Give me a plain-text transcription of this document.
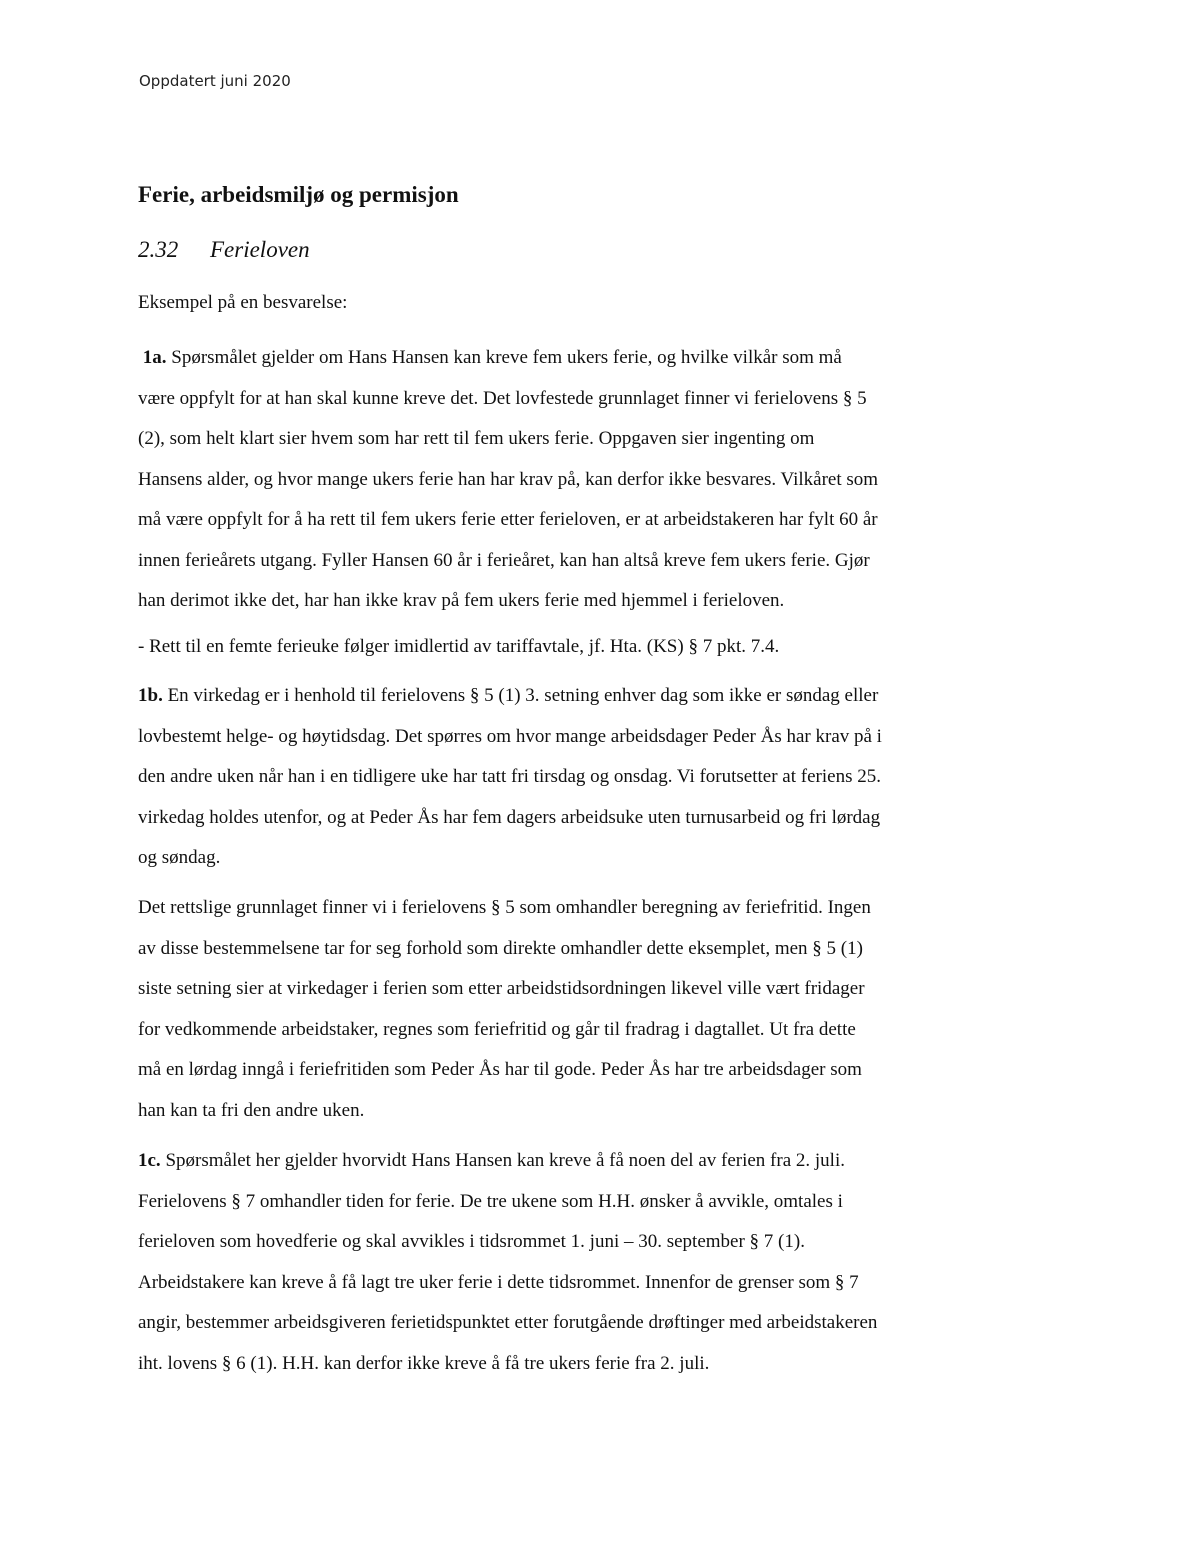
Oppdatert juni 2020
Ferie, arbeidsmiljø og permisjon
2.32 Ferieloven

Eksempel på en besvarelse:

1a. Spørsmålet gjelder om Hans Hansen kan kreve fem ukers ferie, og hvilke vilkår som må
være oppfylt for at han skal kunne kreve det. Det lovfestede grunnlaget finner vi ferielovens § 5
(2), som helt klart sier hvem som har rett til fem ukers ferie. Oppgaven sier ingenting om
Hansens alder, og hvor mange ukers ferie han har krav på, kan derfor ikke besvares. Vilkåret som
må være oppfylt for å ha rett til fem ukers ferie etter ferieloven, er at arbeidstakeren har fylt 60 år
innen ferieårets utgang. Fyller Hansen 60 år i ferieåret, kan han altså kreve fem ukers ferie. Gjør
han derimot ikke det, har han ikke krav på fem ukers ferie med hjemmel i ferieloven.
- Rett til en femte ferieuke følger imidlertid av tariffavtale, jf. Hta. (KS) § 7 pkt. 7.4.
1b. En virkedag er i henhold til ferielovens § 5 (1) 3. setning enhver dag som ikke er søndag eller
lovbestemt helge- og høytidsdag. Det spørres om hvor mange arbeidsdager Peder Ås har krav på i
den andre uken når han i en tidligere uke har tatt fri tirsdag og onsdag. Vi forutsetter at feriens 25.
virkedag holdes utenfor, og at Peder Ås har fem dagers arbeidsuke uten turnusarbeid og fri lørdag
og søndag.
Det rettslige grunnlaget finner vi i ferielovens § 5 som omhandler beregning av feriefritid. Ingen
av disse bestemmelsene tar for seg forhold som direkte omhandler dette eksemplet, men § 5 (1)
siste setning sier at virkedager i ferien som etter arbeidstidsordningen likevel ville vært fridager
for vedkommende arbeidstaker, regnes som feriefritid og går til fradrag i dagtallet. Ut fra dette
må en lørdag inngå i feriefritiden som Peder Ås har til gode. Peder Ås har tre arbeidsdager som
han kan ta fri den andre uken.
1c. Spørsmålet her gjelder hvorvidt Hans Hansen kan kreve å få noen del av ferien fra 2. juli.
Ferielovens § 7 omhandler tiden for ferie. De tre ukene som H.H. ønsker å avvikle, omtales i
ferieloven som hovedferie og skal avvikles i tidsrommet 1. juni – 30. september § 7 (1).
Arbeidstakere kan kreve å få lagt tre uker ferie i dette tidsrommet. Innenfor de grenser som § 7
angir, bestemmer arbeidsgiveren ferietidspunktet etter forutgående drøftinger med arbeidstakeren
iht. lovens § 6 (1). H.H. kan derfor ikke kreve å få tre ukers ferie fra 2. juli.
